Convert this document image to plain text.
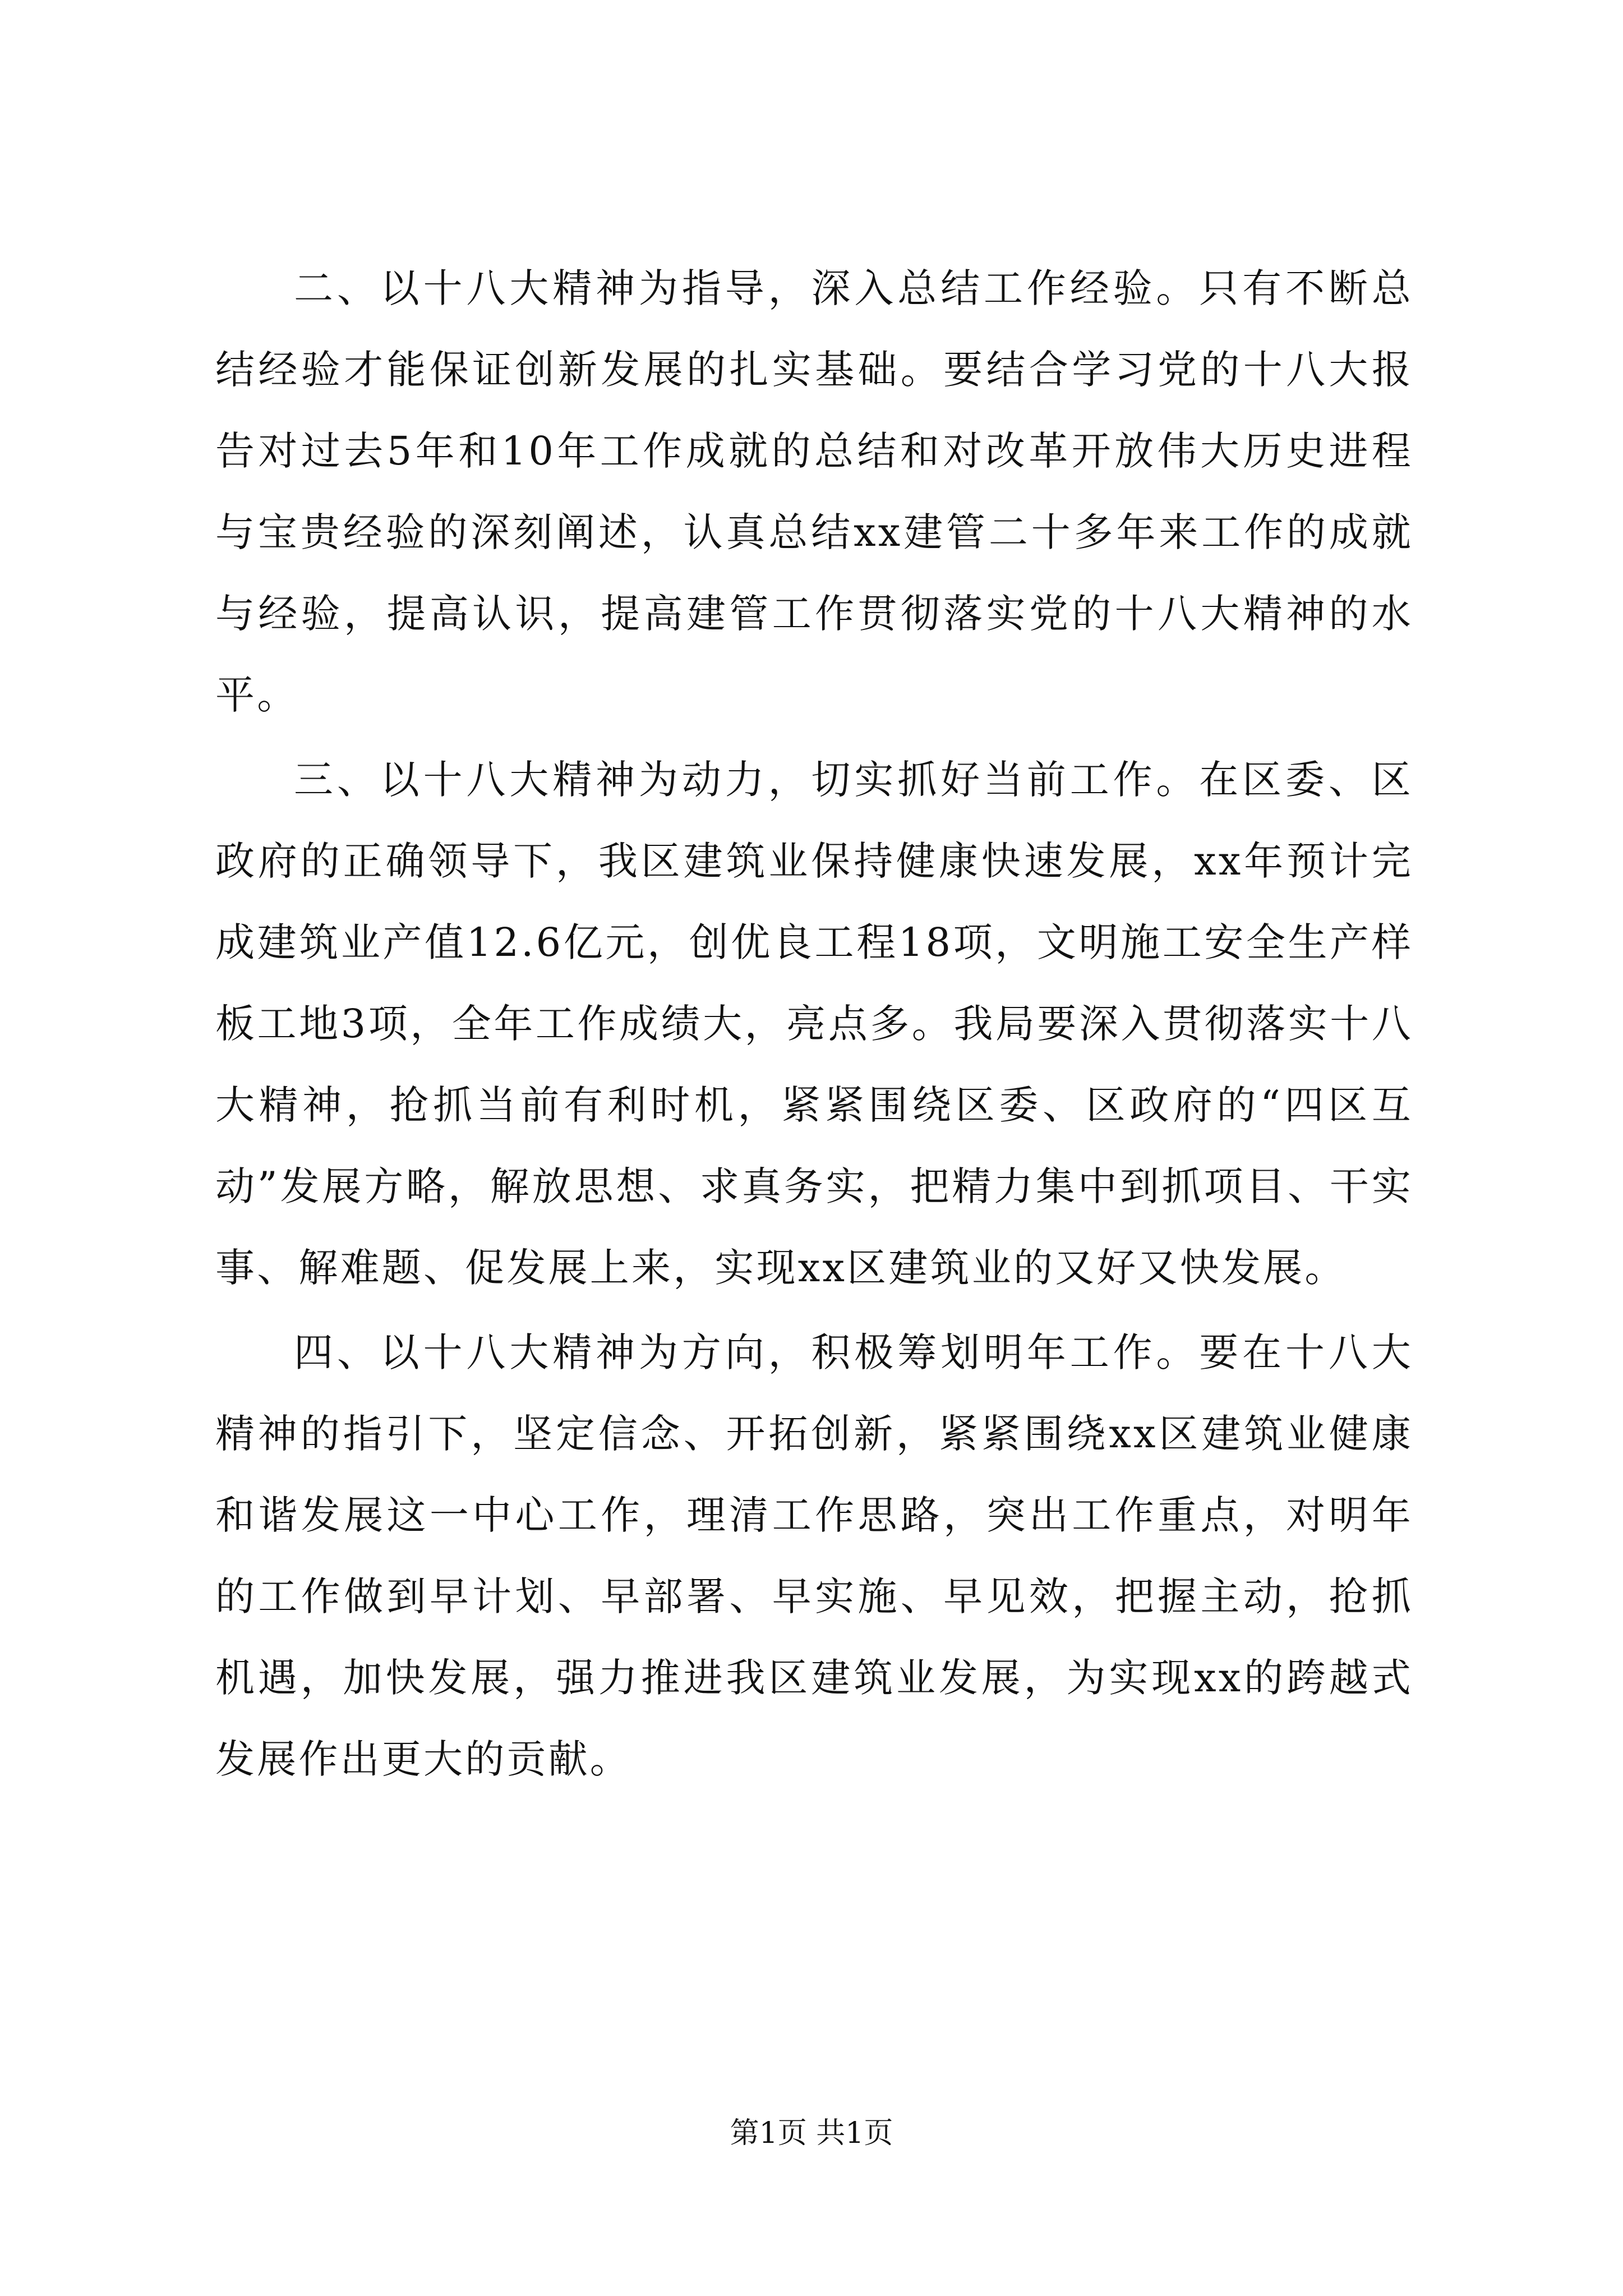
二、以十八大精神为指导，深入总结工作经验。只有不断总结经验才能保证创新发展的扎实基础。要结合学习党的十八大报告对过去5年和10年工作成就的总结和对改革开放伟大历史进程与宝贵经验的深刻阐述，认真总结xx建管二十多年来工作的成就与经验，提高认识，提高建管工作贯彻落实党的十八大精神的水平。

三、以十八大精神为动力，切实抓好当前工作。在区委、区政府的正确领导下，我区建筑业保持健康快速发展，xx年预计完成建筑业产值12.6亿元，创优良工程18项，文明施工安全生产样板工地3项，全年工作成绩大，亮点多。我局要深入贯彻落实十八大精神，抢抓当前有利时机，紧紧围绕区委、区政府的“四区互动”发展方略，解放思想、求真务实，把精力集中到抓项目、干实事、解难题、促发展上来，实现xx区建筑业的又好又快发展。

四、以十八大精神为方向，积极筹划明年工作。要在十八大精神的指引下，坚定信念、开拓创新，紧紧围绕xx区建筑业健康和谐发展这一中心工作，理清工作思路，突出工作重点，对明年的工作做到早计划、早部署、早实施、早见效，把握主动，抢抓机遇，加快发展，强力推进我区建筑业发展，为实现xx的跨越式发展作出更大的贡献。

第1页 共1页
